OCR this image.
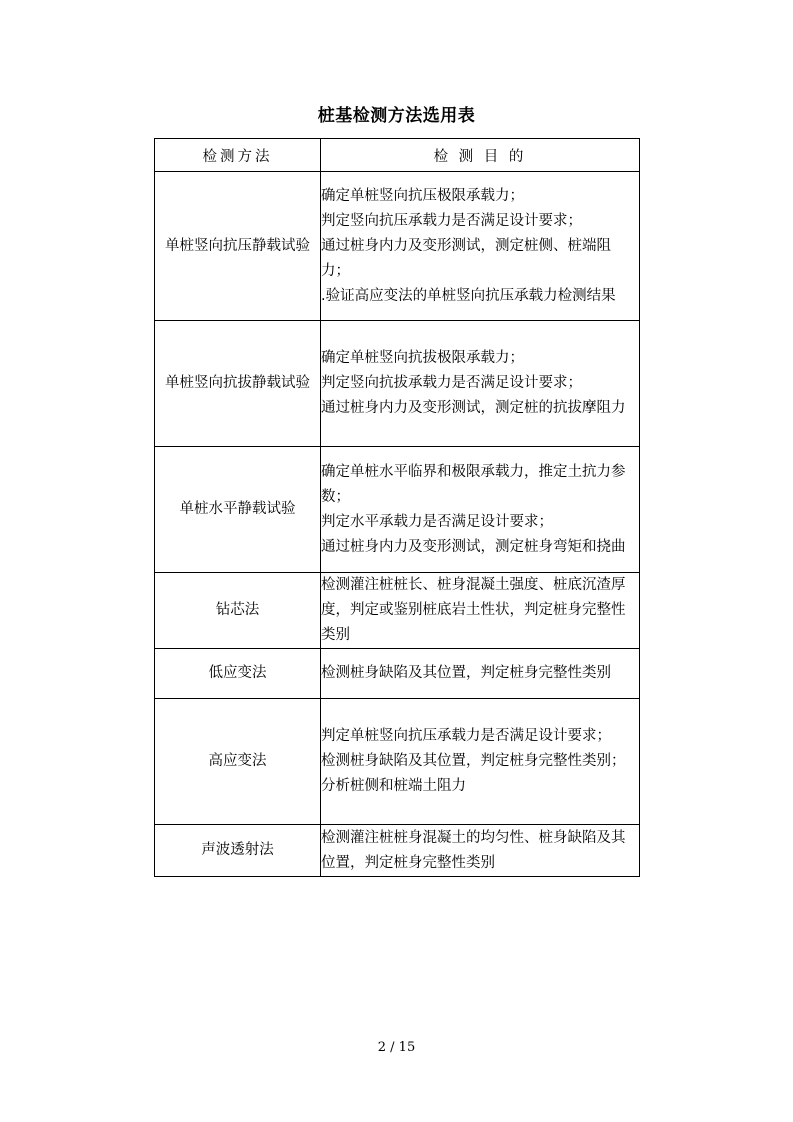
桩基检测方法选用表
检测方法	检 测 目 的
单桩竖向抗压静载试验	确定单桩竖向抗压极限承载力；
判定竖向抗压承载力是否满足设计要求；
通过桩身内力及变形测试，测定桩侧、桩端阻力；
.验证高应变法的单桩竖向抗压承载力检测结果

单桩竖向抗拔静载试验	确定单桩竖向抗拔极限承载力；
判定竖向抗拔承载力是否满足设计要求；
通过桩身内力及变形测试，测定桩的抗拔摩阻力

单桩水平静载试验	确定单桩水平临界和极限承载力，推定土抗力参数；
判定水平承载力是否满足设计要求；
通过桩身内力及变形测试，测定桩身弯矩和挠曲

钻芯法	检测灌注桩桩长、桩身混凝土强度、桩底沉渣厚度，判定或鉴别桩底岩土性状，判定桩身完整性类别

低应变法	检测桩身缺陷及其位置，判定桩身完整性类别

高应变法	判定单桩竖向抗压承载力是否满足设计要求；
检测桩身缺陷及其位置，判定桩身完整性类别；
分析桩侧和桩端土阻力

声波透射法	检测灌注桩桩身混凝土的均匀性、桩身缺陷及其位置，判定桩身完整性类别
2 / 15
